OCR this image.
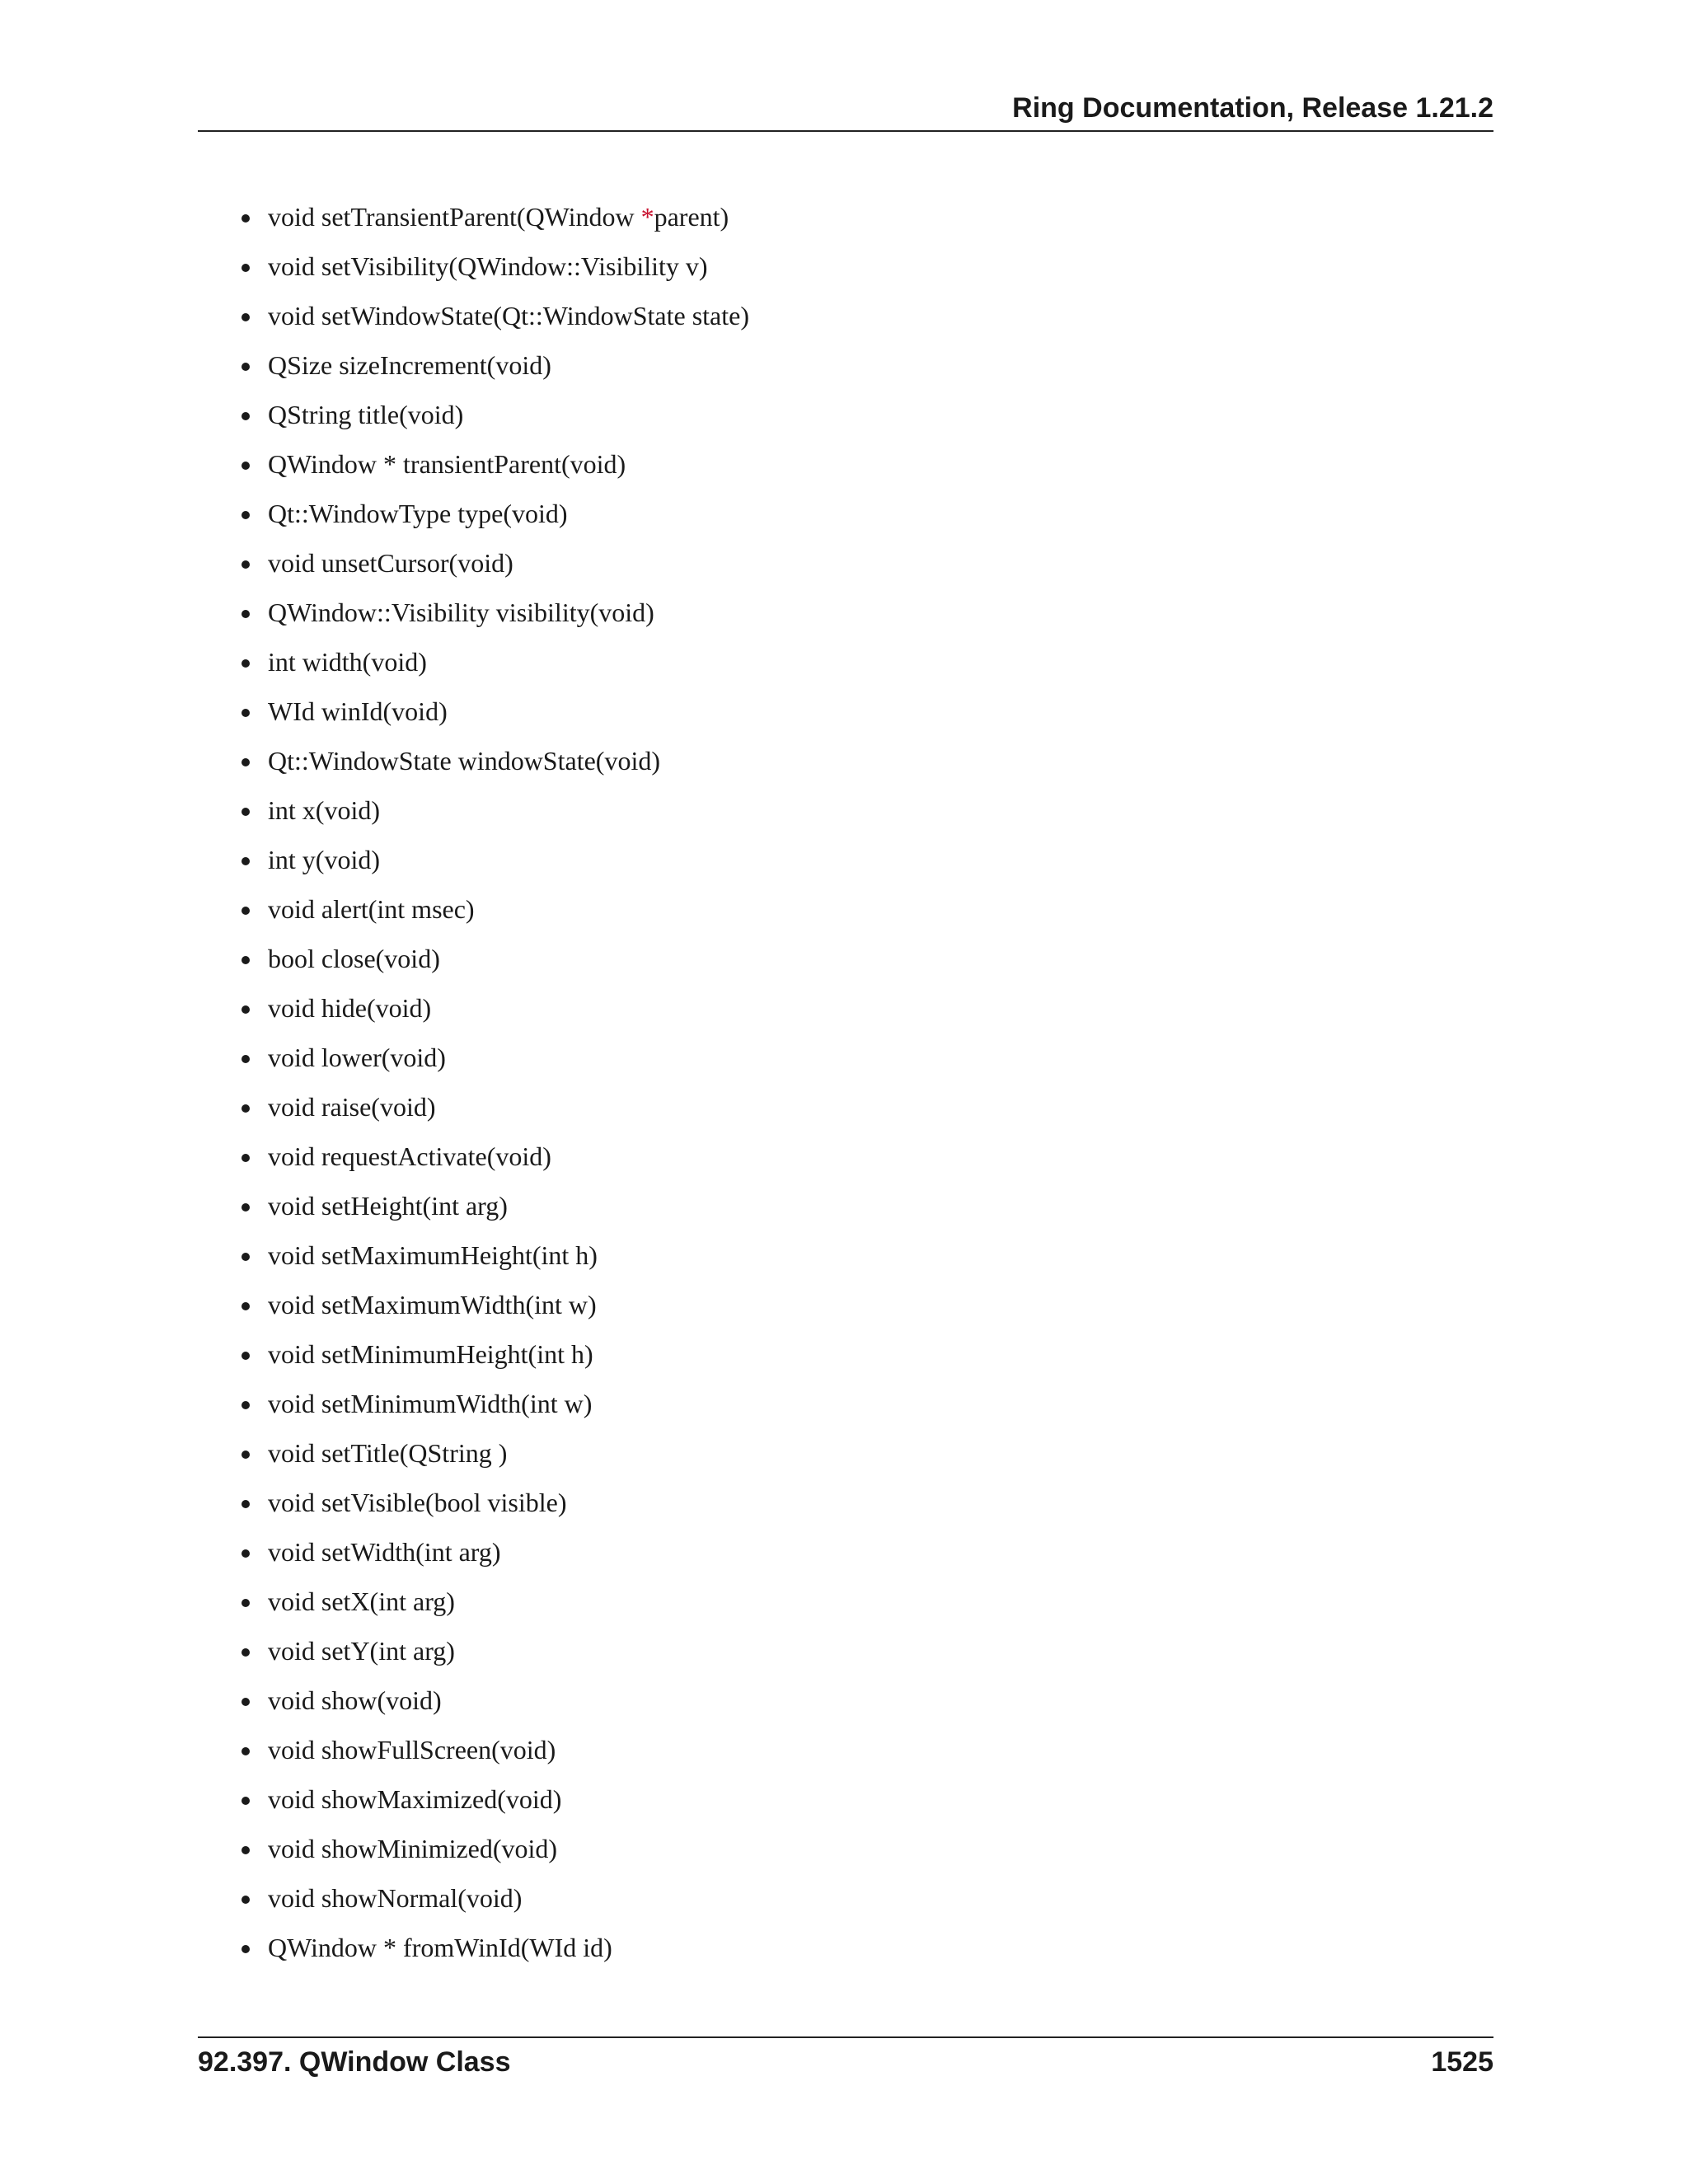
Ring Documentation, Release 1.21.2
void setTransientParent(QWindow *parent)
void setVisibility(QWindow::Visibility v)
void setWindowState(Qt::WindowState state)
QSize sizeIncrement(void)
QString title(void)
QWindow * transientParent(void)
Qt::WindowType type(void)
void unsetCursor(void)
QWindow::Visibility visibility(void)
int width(void)
WId winId(void)
Qt::WindowState windowState(void)
int x(void)
int y(void)
void alert(int msec)
bool close(void)
void hide(void)
void lower(void)
void raise(void)
void requestActivate(void)
void setHeight(int arg)
void setMaximumHeight(int h)
void setMaximumWidth(int w)
void setMinimumHeight(int h)
void setMinimumWidth(int w)
void setTitle(QString )
void setVisible(bool visible)
void setWidth(int arg)
void setX(int arg)
void setY(int arg)
void show(void)
void showFullScreen(void)
void showMaximized(void)
void showMinimized(void)
void showNormal(void)
QWindow * fromWinId(WId id)
92.397. QWindow Class	1525
